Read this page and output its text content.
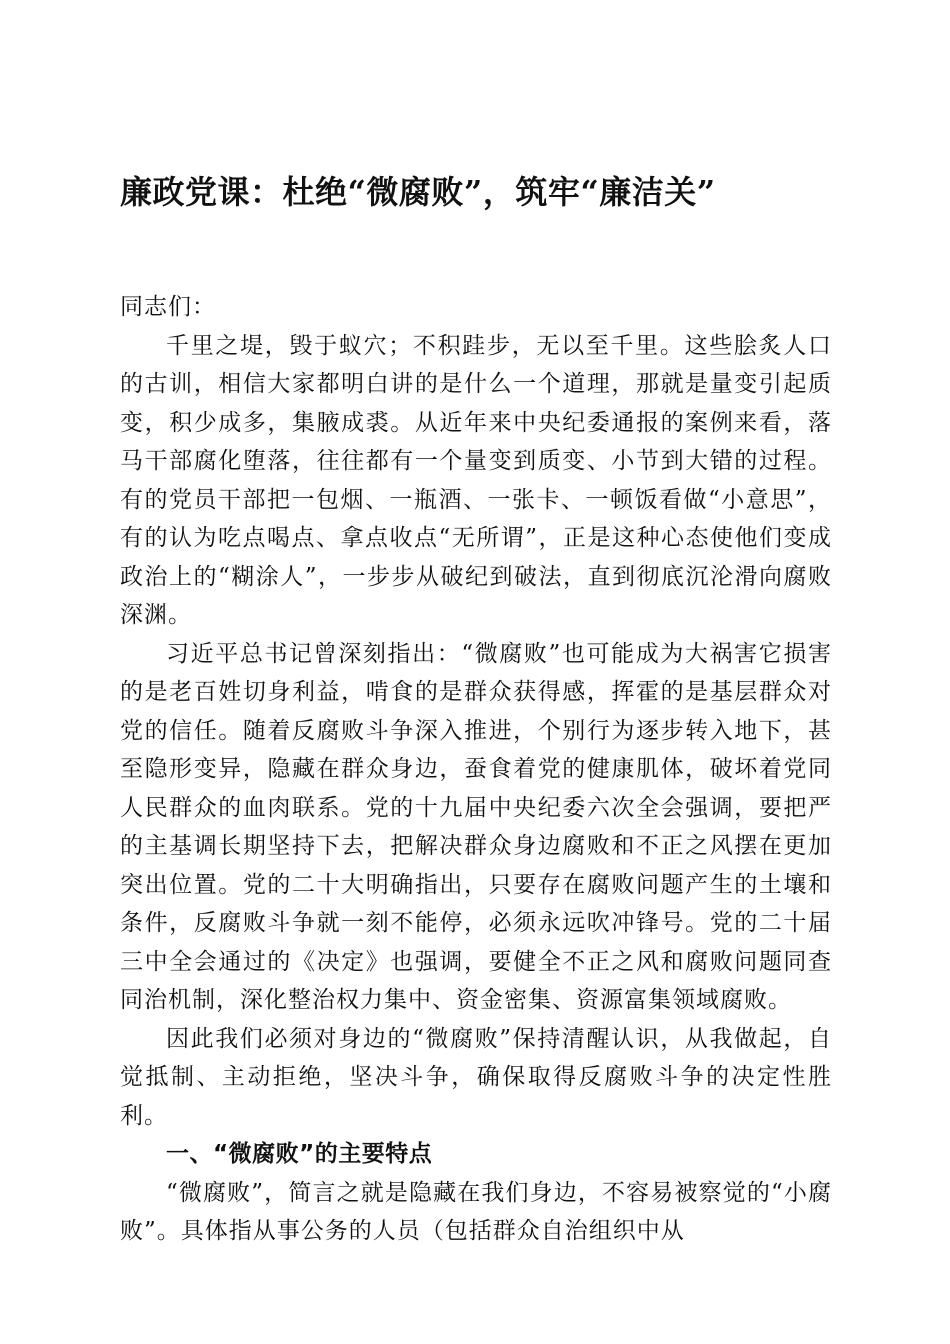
廉政党课：杜绝“微腐败”，筑牢“廉洁关”

同志们：

千里之堤，毁于蚁穴；不积跬步，无以至千里。这些脍炙人口的古训，相信大家都明白讲的是什么一个道理，那就是量变引起质变，积少成多，集腋成裘。从近年来中央纪委通报的案例来看，落马干部腐化堕落，往往都有一个量变到质变、小节到大错的过程。有的党员干部把一包烟、一瓶酒、一张卡、一顿饭看做“小意思”，有的认为吃点喝点、拿点收点“无所谓”，正是这种心态使他们变成政治上的“糊涂人”，一步步从破纪到破法，直到彻底沉沦滑向腐败深渊。

习近平总书记曾深刻指出：“微腐败”也可能成为大祸害它损害的是老百姓切身利益，啃食的是群众获得感，挥霍的是基层群众对党的信任。随着反腐败斗争深入推进，个别行为逐步转入地下，甚至隐形变异，隐藏在群众身边，蚕食着党的健康肌体，破坏着党同人民群众的血肉联系。党的十九届中央纪委六次全会强调，要把严的主基调长期坚持下去，把解决群众身边腐败和不正之风摆在更加突出位置。党的二十大明确指出，只要存在腐败问题产生的土壤和条件，反腐败斗争就一刻不能停，必须永远吹冲锋号。党的二十届三中全会通过的《决定》也强调，要健全不正之风和腐败问题同查同治机制，深化整治权力集中、资金密集、资源富集领域腐败。

因此我们必须对身边的“微腐败”保持清醒认识，从我做起，自觉抵制、主动拒绝，坚决斗争，确保取得反腐败斗争的决定性胜利。

一、“微腐败”的主要特点

“微腐败”，简言之就是隐藏在我们身边，不容易被察觉的“小腐败”。具体指从事公务的人员（包括群众自治组织中从
